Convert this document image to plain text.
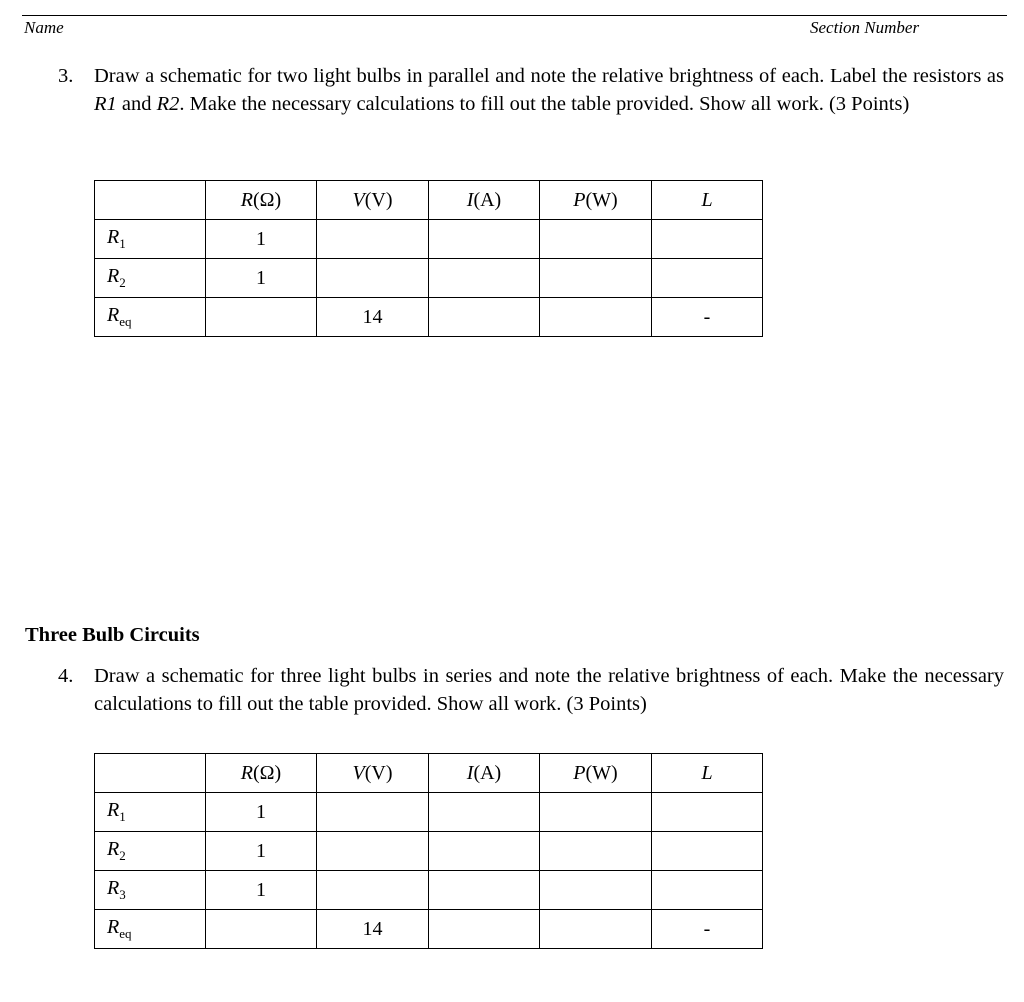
Name	Section Number
3. Draw a schematic for two light bulbs in parallel and note the relative brightness of each. Label the resistors as R1 and R2. Make the necessary calculations to fill out the table provided. Show all work. (3 Points)
	R(Ω)	V(V)	I(A)	P(W)	L
$R_1$	1				
$R_2$	1				
$R_{eq}$		14			-
Three Bulb Circuits
4. Draw a schematic for three light bulbs in series and note the relative brightness of each. Make the necessary calculations to fill out the table provided. Show all work. (3 Points)
	R(Ω)	V(V)	I(A)	P(W)	L
$R_1$	1				
$R_2$	1				
$R_3$	1				
$R_{eq}$		14			-
